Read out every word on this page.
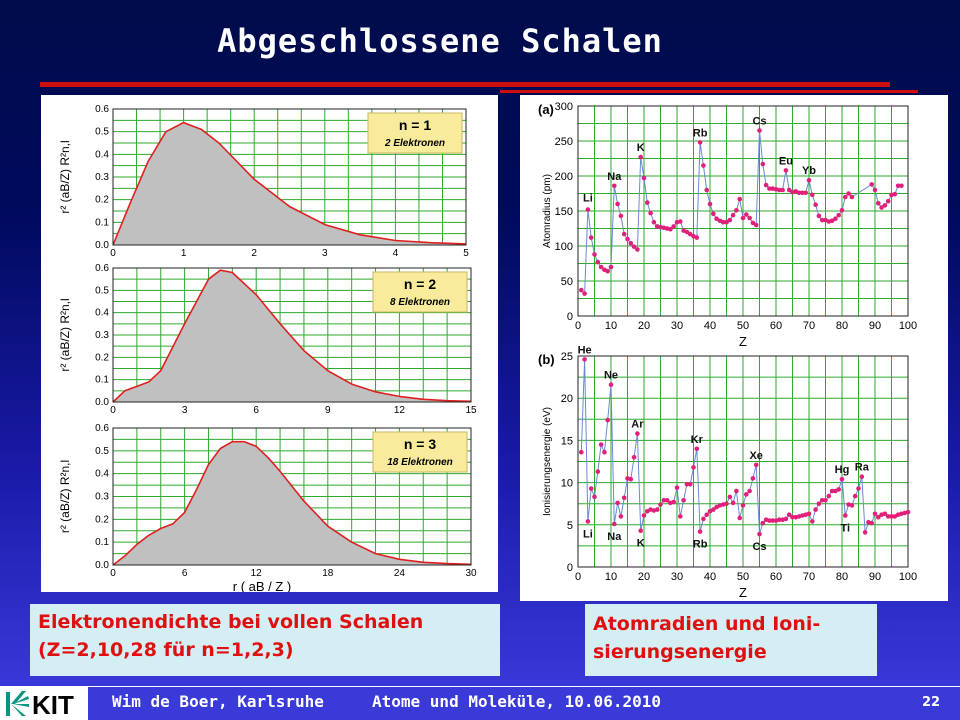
Abgeschlossene Schalen
0	1	2	3	4	5
0.0
0.1
0.2
0.3
0.4
0.5
0.6
r² (aB/Z) R²n,l
n = 1
2 Elektronen
0	3	6	9	12	15
0.0
0.1
0.2
0.3
0.4
0.5
0.6
r² (aB/Z) R²n,l
n = 2
8 Elektronen
0	6	12	18	24	30
0.0
0.1
0.2
0.3
0.4
0.5
0.6
r² (aB/Z) R²n,l
n = 3
18 Elektronen
r ( aB / Z )
0 10 20 30 40 50 60 70 80 90 100
0
50
100
150
200
250
300
Z
Atomradius (pm)
(a)
Li
Na
K
Rb
Cs
Eu
Yb
0 10 20 30 40 50 60 70 80 90 100
0
5
10
15
20
25
Z
Ionisierungsenergie (eV)
(b)
He
Ne
Ar
Kr
Xe
Hg Ra
Li Na
K	Rb	Cs
Ti
Elektronendichte bei vollen Schalen
(Z=2,10,28 für n=1,2,3)
Atomradien und Ioni-
sierungsenergie
KIT Wim de Boer, Karlsruhe	Atome und Moleküle, 10.06.2010	22
